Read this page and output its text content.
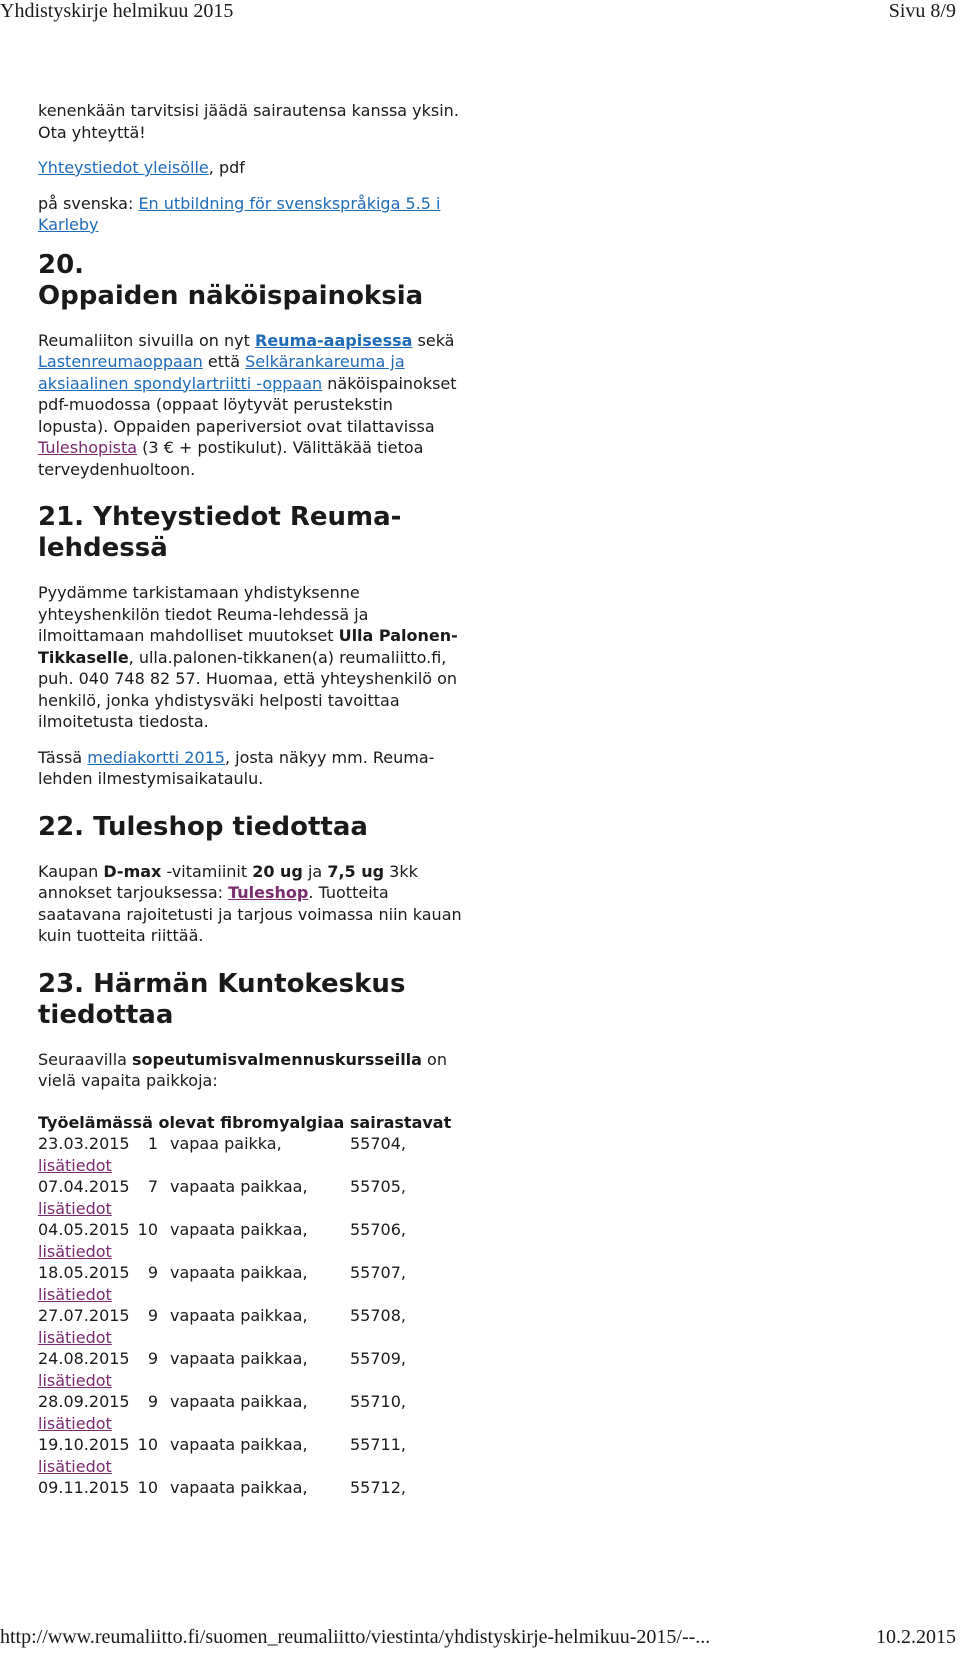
Yhdistyskirje helmikuu 2015	Sivu 8/9

kenenkään tarvitsisi jäädä sairautensa kanssa yksin. Ota yhteyttä!

Yhteystiedot yleisölle, pdf

på svenska: En utbildning för svenskspråkiga 5.5 i Karleby

20.
Oppaiden näköispainoksia

Reumaliiton sivuilla on nyt Reuma-aapisessa sekä Lastenreumaoppaan että Selkärankareuma ja aksiaalinen spondylartriitti -oppaan näköispainokset pdf-muodossa (oppaat löytyvät perustekstin lopusta). Oppaiden paperiversiot ovat tilattavissa Tuleshopista (3 € + postikulut). Välittäkää tietoa terveydenhuoltoon.

21. Yhteystiedot Reuma-lehdessä

Pyydämme tarkistamaan yhdistyksenne yhteyshenkilön tiedot Reuma-lehdessä ja ilmoittamaan mahdolliset muutokset Ulla Palonen-Tikkaselle, ulla.palonen-tikkanen(a) reumaliitto.fi, puh. 040 748 82 57. Huomaa, että yhteyshenkilö on henkilö, jonka yhdistysväki helposti tavoittaa ilmoitetusta tiedosta.

Tässä mediakortti 2015, josta näkyy mm. Reuma-lehden ilmestymisaikataulu.

22. Tuleshop tiedottaa

Kaupan D-max -vitamiinit 20 ug ja 7,5 ug 3kk annokset tarjouksessa: Tuleshop. Tuotteita saatavana rajoitetusti ja tarjous voimassa niin kauan kuin tuotteita riittää.

23. Härmän Kuntokeskus tiedottaa

Seuraavilla sopeutumisvalmennuskursseilla on vielä vapaita paikkoja:

Työelämässä olevat fibromyalgiaa sairastavat
23.03.2015 1 vapaa paikka,	55704,
lisätiedot
07.04.2015 7 vapaata paikkaa,	55705,
lisätiedot
04.05.2015 10 vapaata paikkaa,	55706,
lisätiedot
18.05.2015 9 vapaata paikkaa,	55707,
lisätiedot
27.07.2015 9 vapaata paikkaa,	55708,
lisätiedot
24.08.2015 9 vapaata paikkaa,	55709,
lisätiedot
28.09.2015 9 vapaata paikkaa,	55710,
lisätiedot
19.10.2015 10 vapaata paikkaa,	55711,
lisätiedot
09.11.2015 10 vapaata paikkaa,	55712,
http://www.reumaliitto.fi/suomen_reumaliitto/viestinta/yhdistyskirje-helmikuu-2015/--...	10.2.2015
